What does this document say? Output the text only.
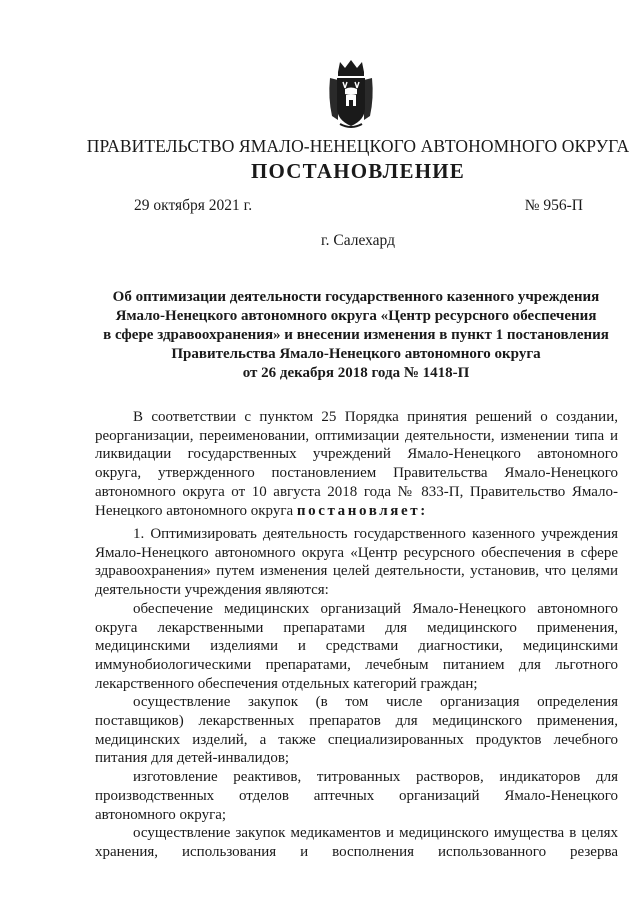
ПРАВИТЕЛЬСТВО ЯМАЛО-НЕНЕЦКОГО АВТОНОМНОГО ОКРУГА
ПОСТАНОВЛЕНИЕ
29 октября 2021 г.	№ 956-П
г. Салехард
Об оптимизации деятельности государственного казенного учреждения
Ямало-Ненецкого автономного округа «Центр ресурсного обеспечения
в сфере здравоохранения» и внесении изменения в пункт 1 постановления
Правительства Ямало-Ненецкого автономного округа
от 26 декабря 2018 года № 1418-П
В соответствии с пунктом 25 Порядка принятия решений о создании,
реорганизации, переименовании, оптимизации деятельности, изменении типа и
ликвидации государственных учреждений Ямало-Ненецкого автономного
округа, утвержденного постановлением Правительства Ямало-Ненецкого
автономного округа от 10 августа 2018 года № 833-П, Правительство Ямало-
Ненецкого автономного округа постановляет:
1. Оптимизировать деятельность государственного казенного учреждения
Ямало-Ненецкого автономного округа «Центр ресурсного обеспечения в сфере
здравоохранения» путем изменения целей деятельности, установив, что целями
деятельности учреждения являются:
обеспечение медицинских организаций Ямало-Ненецкого автономного
округа лекарственными препаратами для медицинского применения,
медицинскими изделиями и средствами диагностики, медицинскими
иммунобиологическими препаратами, лечебным питанием для льготного
лекарственного обеспечения отдельных категорий граждан;
осуществление закупок (в том числе организация определения
поставщиков) лекарственных препаратов для медицинского применения,
медицинских изделий, а также специализированных продуктов лечебного
питания для детей-инвалидов;
изготовление реактивов, титрованных растворов, индикаторов для
производственных отделов аптечных организаций Ямало-Ненецкого
автономного округа;
осуществление закупок медикаментов и медицинского имущества в целях
хранения, использования и восполнения использованного резерва
